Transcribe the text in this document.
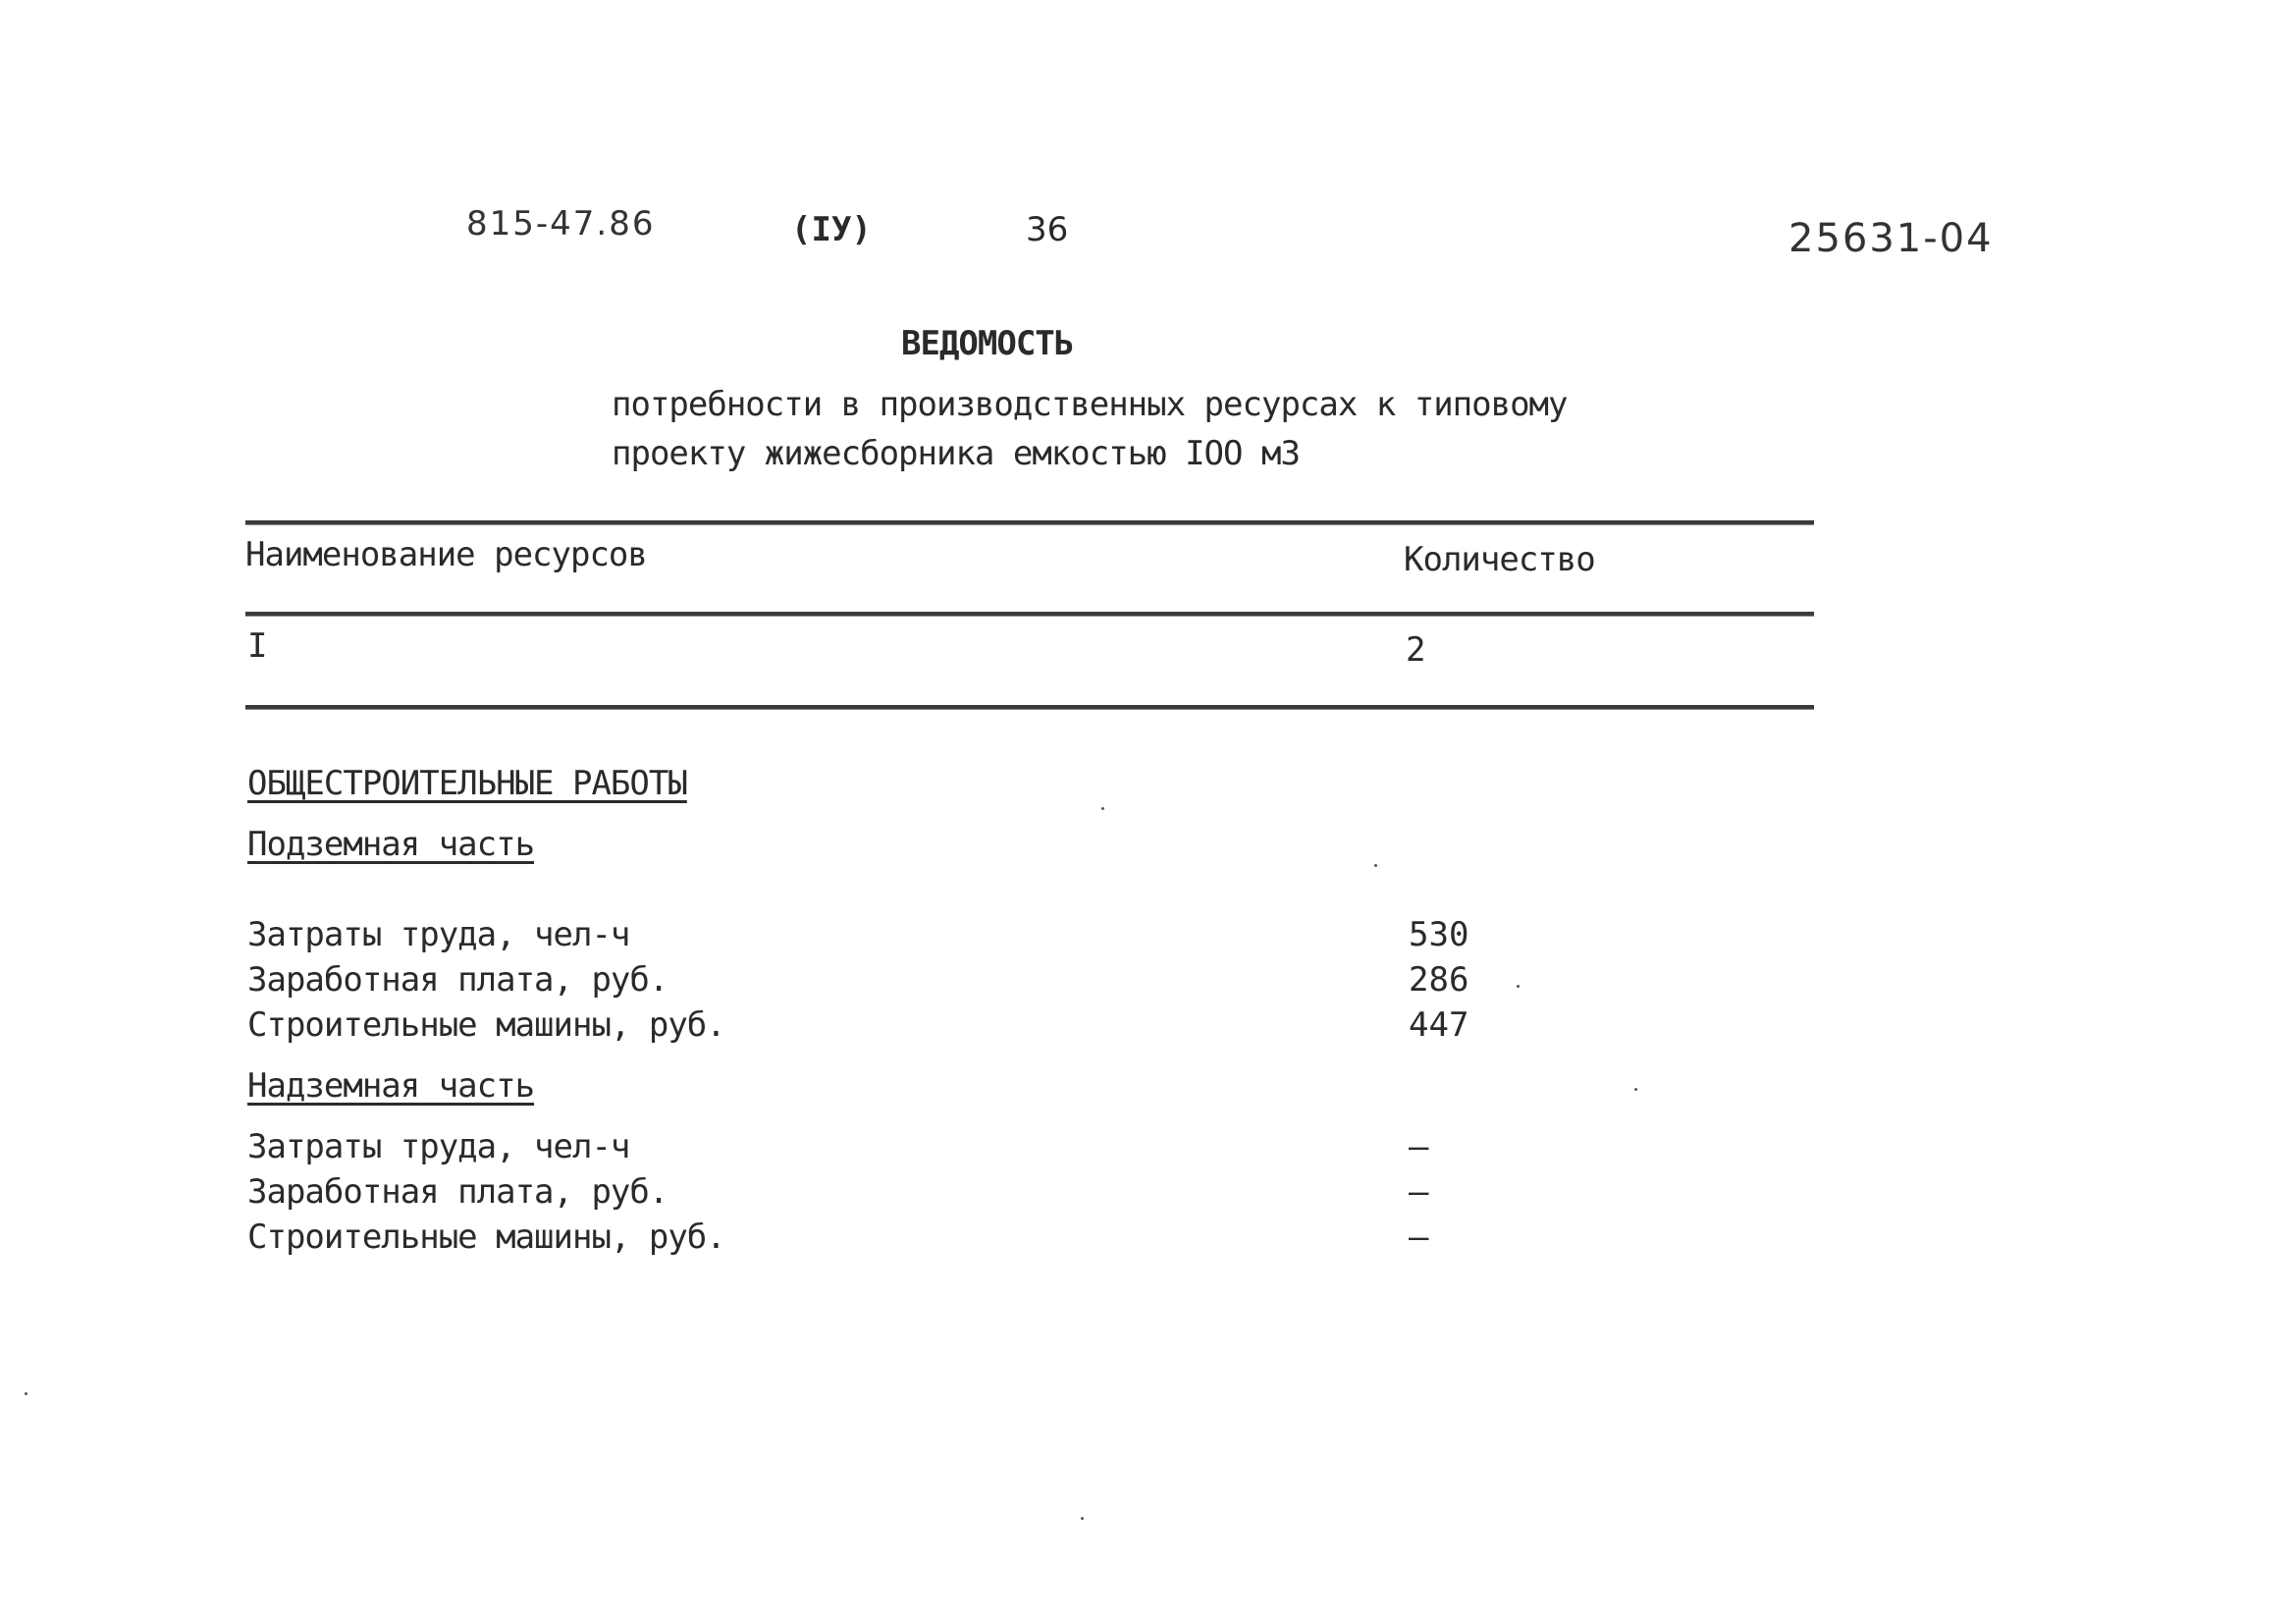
815-47.86	(IУ)	36	25631-04
ВЕДОМОСТЬ
потребности в производственных ресурсах к типовому
проекту жижесборника емкостью IOO м3
Наименование ресурсов	Количество
I	2
ОБЩЕСТРОИТЕЛЬНЫЕ РАБОТЫ
Подземная часть
Затраты труда, чел-ч	530
Заработная плата, руб.	286
Строительные машины, руб.	447
Надземная часть
Затраты труда, чел-ч	–
Заработная плата, руб.	–
Строительные машины, руб.	–
